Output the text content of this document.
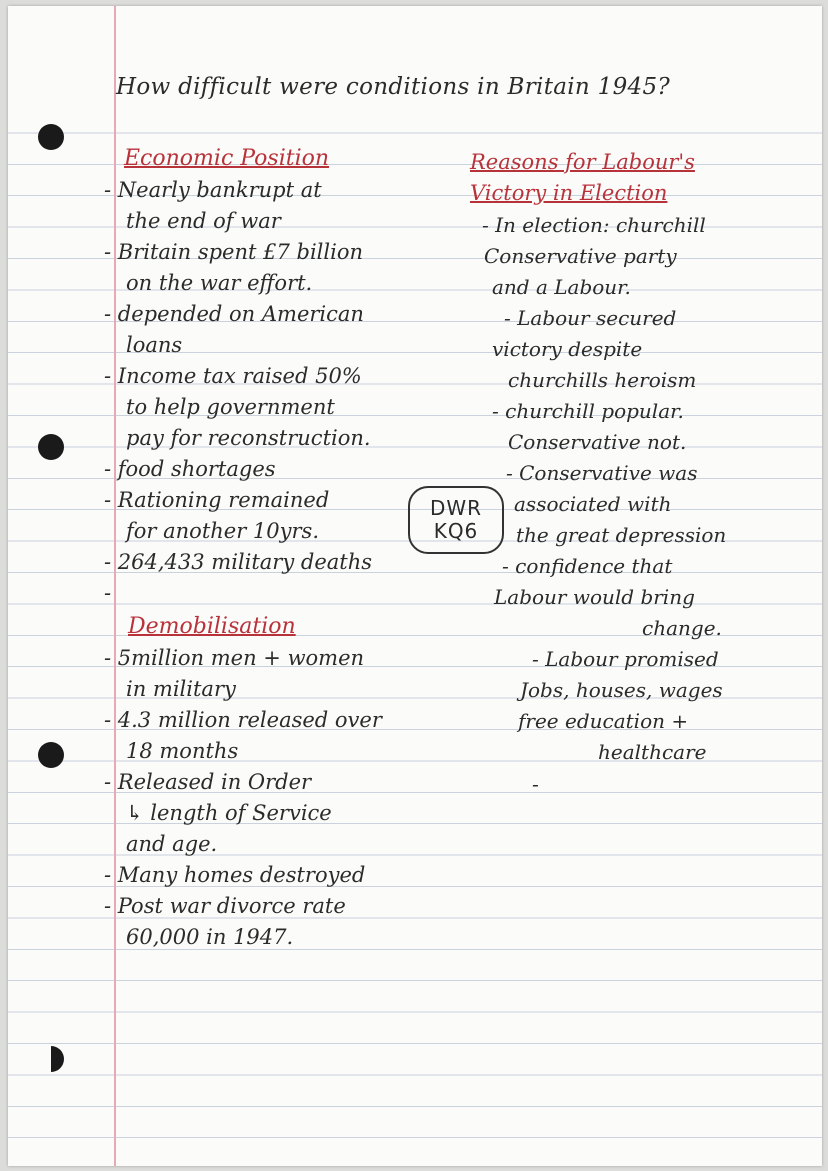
How difficult were conditions in Britain 1945?

Economic Position

- Nearly bankrupt at

the end of war

- Britain spent £7 billion

on the war effort.

- depended on American

loans

- Income tax raised 50%

to help government

pay for reconstruction.

- food shortages

- Rationing remained

for another 10yrs.

- 264,433 military deaths

-

DWR
KQ6

Demobilisation

- 5million men + women

in military

- 4.3 million released over

18 months

- Released in Order

↳ length of Service

and age.

- Many homes destroyed

- Post war divorce rate

60,000 in 1947.

Reasons for Labour's

Victory in Election

- In election: churchill

Conservative party

and a Labour.

- Labour secured

victory despite

churchills heroism

- churchill popular.

Conservative not.

- Conservative was

associated with

the great depression

- confidence that

Labour would bring

change.

- Labour promised

Jobs, houses, wages

free education +

healthcare

-
